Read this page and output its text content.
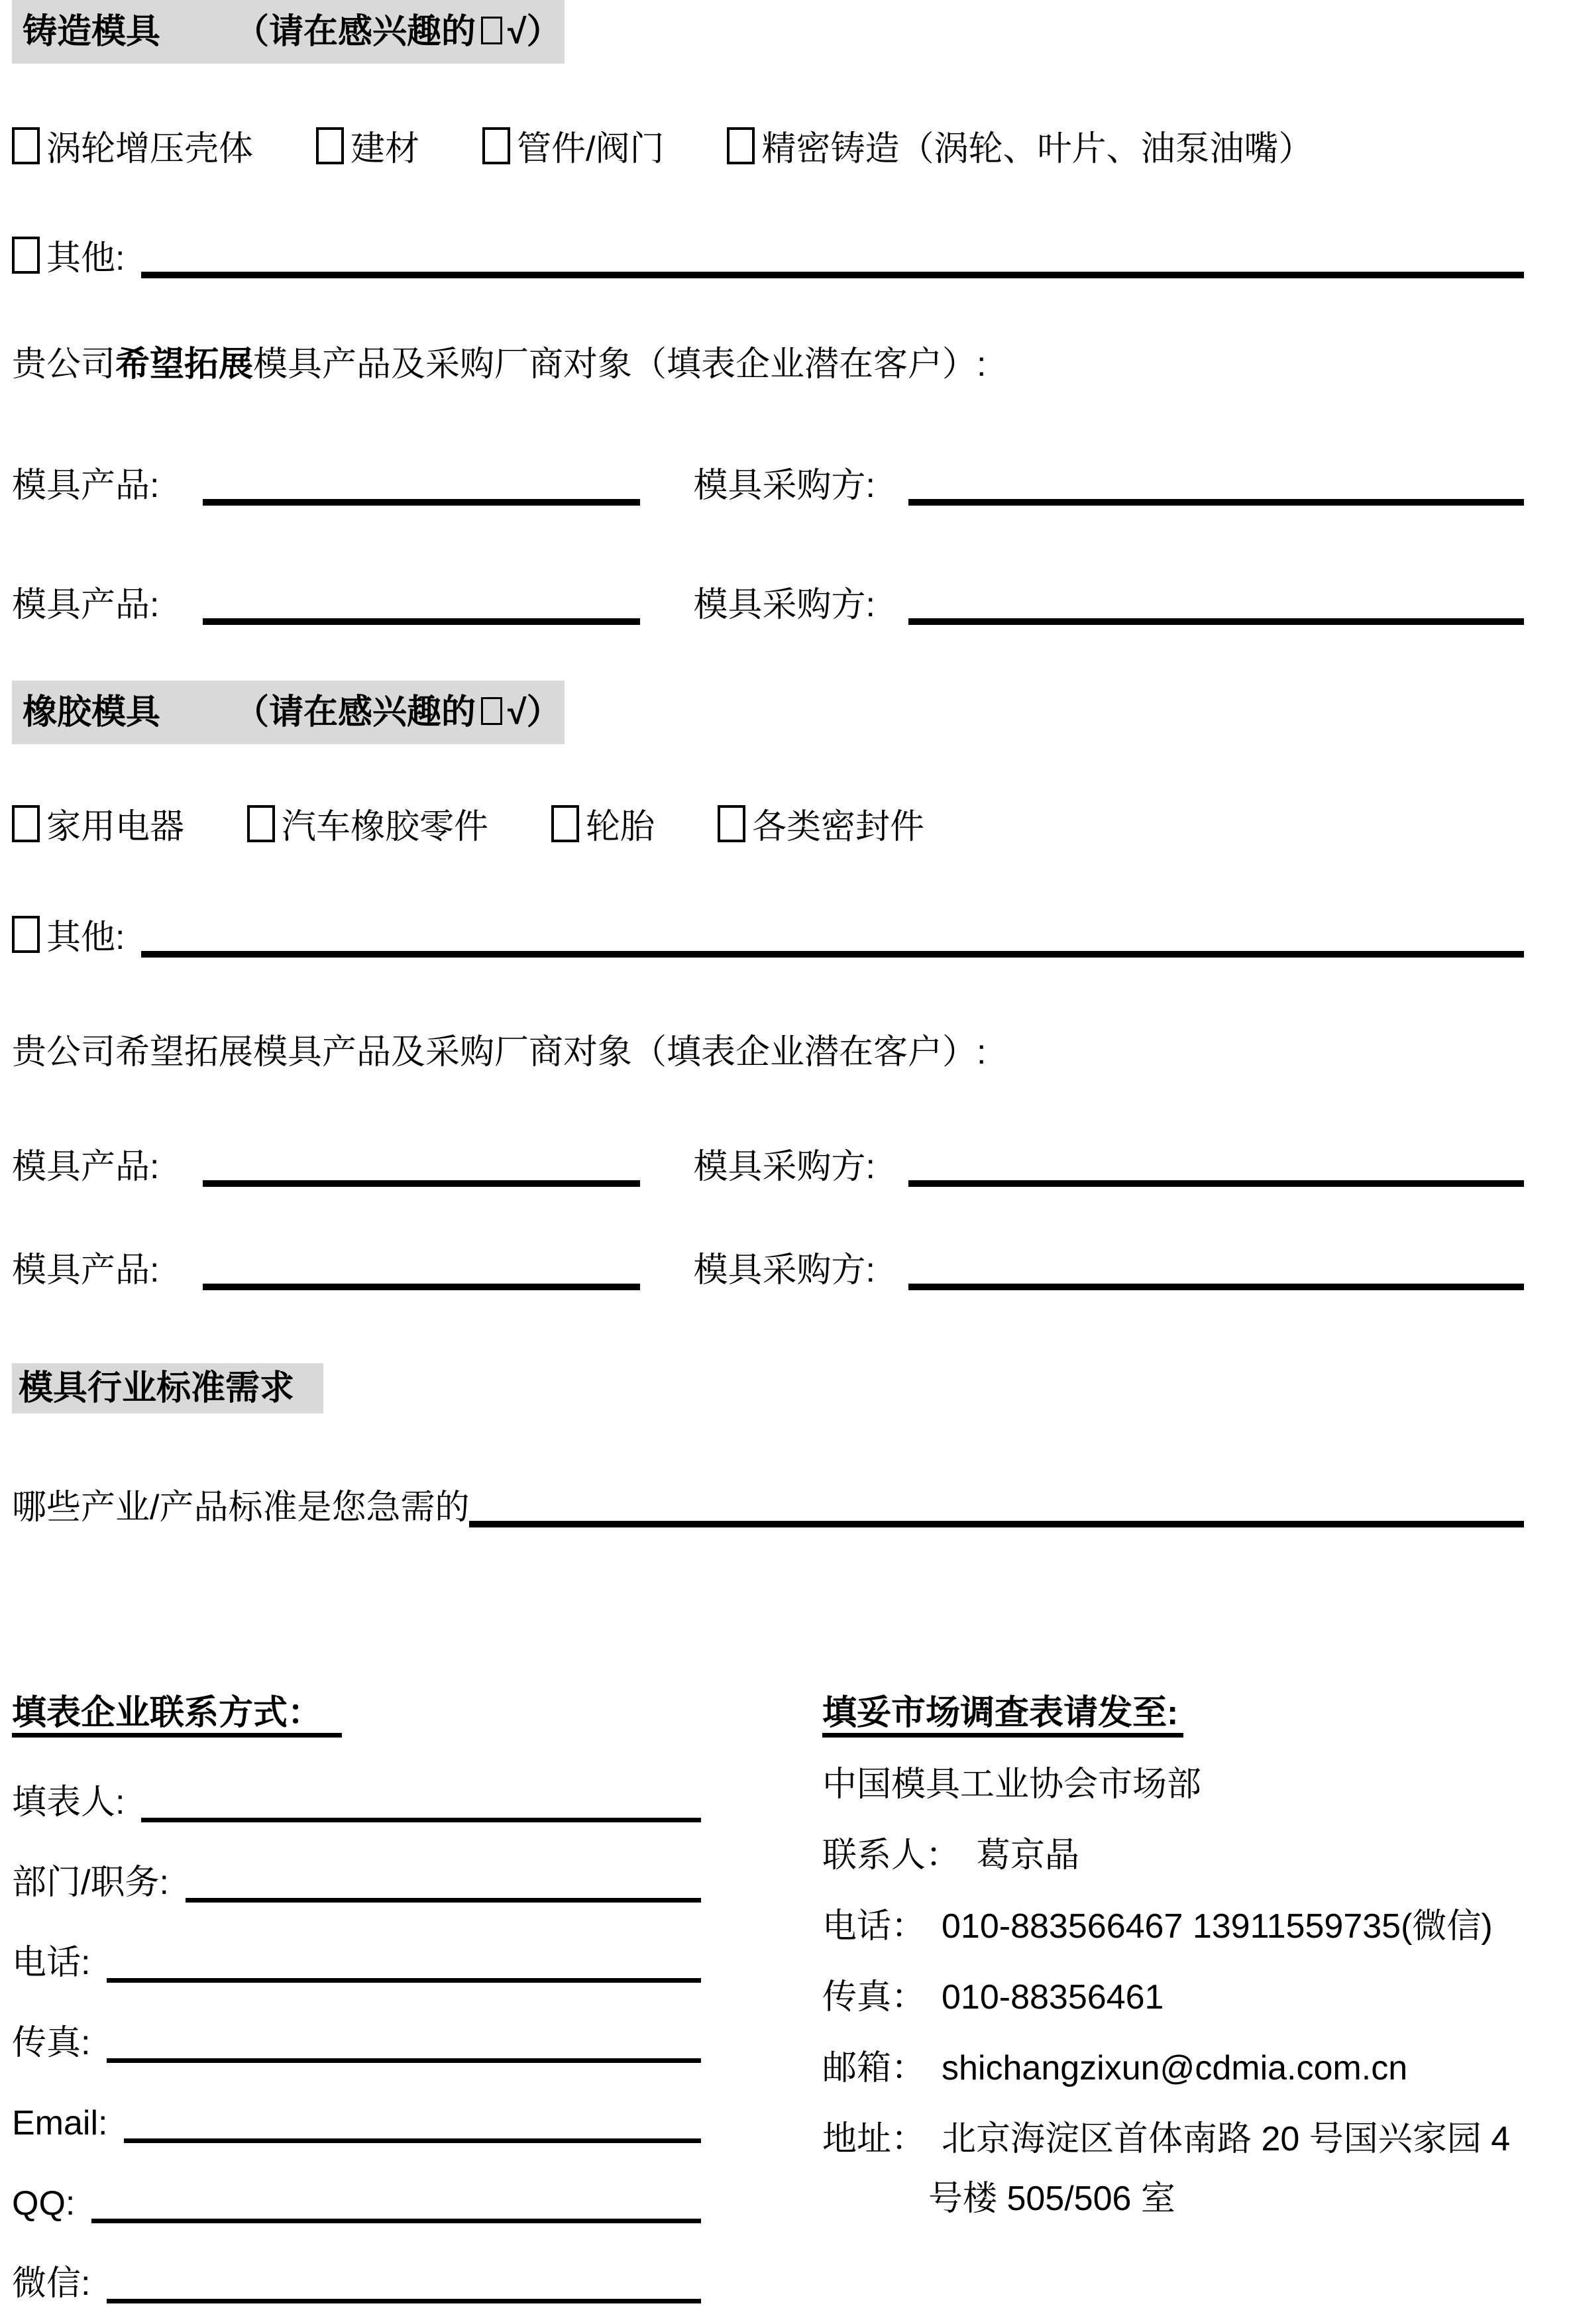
铸造模具 （请在感兴趣的 √）
涡轮增压壳体	建材	管件/阀门	精密铸造（涡轮、叶片、油泵油嘴）
其他:
贵公司 希望拓展 模具产品及采购厂商对象（填表企业潜在客户）:
模具产品:	模具采购方:
模具产品:	模具采购方:
橡胶模具 （请在感兴趣的 √）
家用电器	汽车橡胶零件	轮胎	各类密封件
其他:
贵公司希望拓展模具产品及采购厂商对象（填表企业潜在客户）:
模具产品:	模具采购方:
模具产品:	模具采购方:
模具行业标准需求
哪些产业/产品标准是您急需的
填表企业联系方式：
填表人:
部门/职务:
电话:
传真:
Email:
QQ:
微信:
填妥市场调查表请发至:
中国模具工业协会市场部
联系人： 葛京晶
电话： 010-883566467 13911559735(微信)
传真： 010-88356461
邮箱： shichangzixun@cdmia.com.cn
地址： 北京海淀区首体南路 20 号国兴家园 4
号楼 505/506 室
